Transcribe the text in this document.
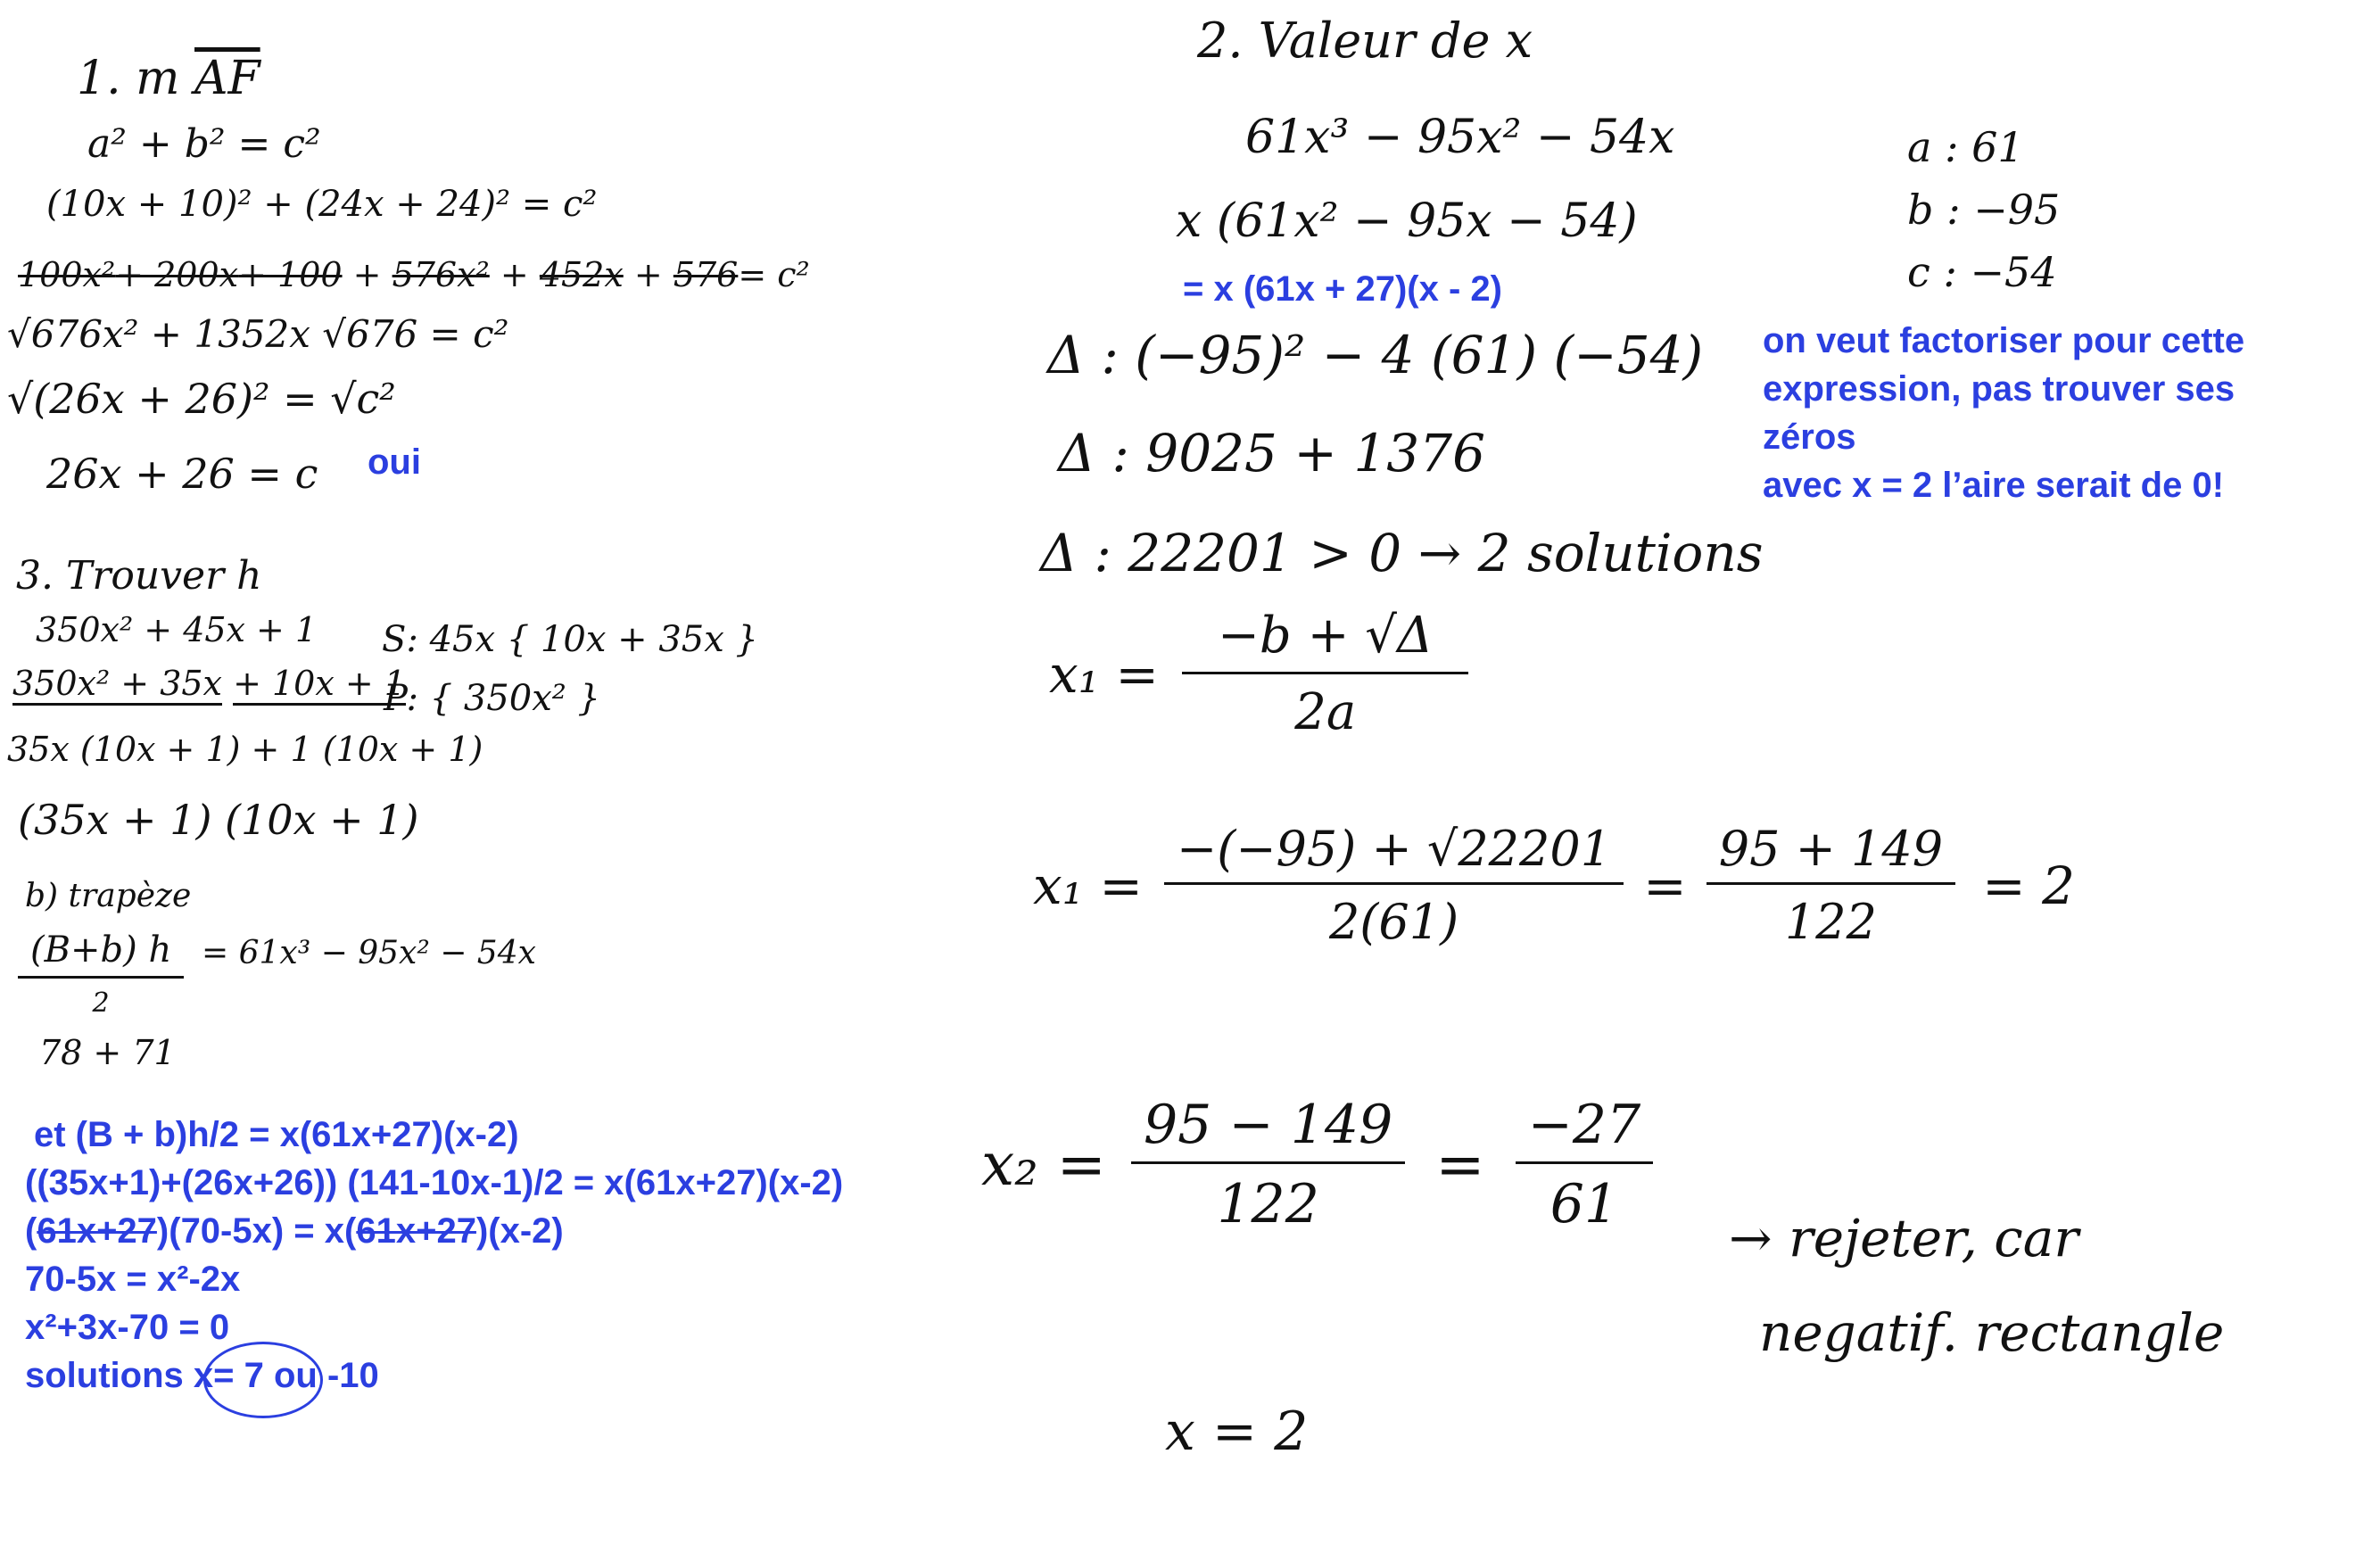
1. m $\overline{AF}$
a² + b² = c²
(10x + 10)² + (24x + 24)² = c²
100x²+ 200x+ 100 + 576x² + 452x + 576= c²
√676x² + 1352x √676 = c²
√(26x + 26)² = √c²
26x + 26 = c oui
3. Trouver h
350x² + 45x + 1
350x² + 35x + 10x + 1
S: 45x { 10x + 35x }
P: { 350x² }
35x (10x + 1) + 1 (10x + 1)
(35x + 1) (10x + 1)
b) trapèze
(B+b) h
2
= 61x³ − 95x² − 54x
78 + 71
et (B + b)h/2 = x(61x+27)(x-2)
((35x+1)+(26x+26)) (141-10x-1)/2 = x(61x+27)(x-2)
(61x+27)(70-5x) = x(61x+27)(x-2)
70-5x = x²-2x
x²+3x-70 = 0
solutions x= 7 ou -10
2. Valeur de x
61x³ − 95x² − 54x
x (61x² − 95x − 54)
= x (61x + 27)(x - 2)
a : 61
b : −95
c : −54
Δ : (−95)² − 4 (61) (−54)
Δ : 9025 + 1376
Δ : 22201 > 0 → 2 solutions
on veut factoriser pour cette
expression, pas trouver ses
zéros
avec x = 2 l’aire serait de 0!
$x_1 = \frac{-b + √\Delta}{2a}$
$x_1 = \frac{-(-95) + √22201}{2(61)} = \frac{95 + 149}{122} = 2$
$x_2 = \frac{95 - 149}{122} = \frac{-27}{61}$
→ rejeter, car
negatif. rectangle
x = 2
